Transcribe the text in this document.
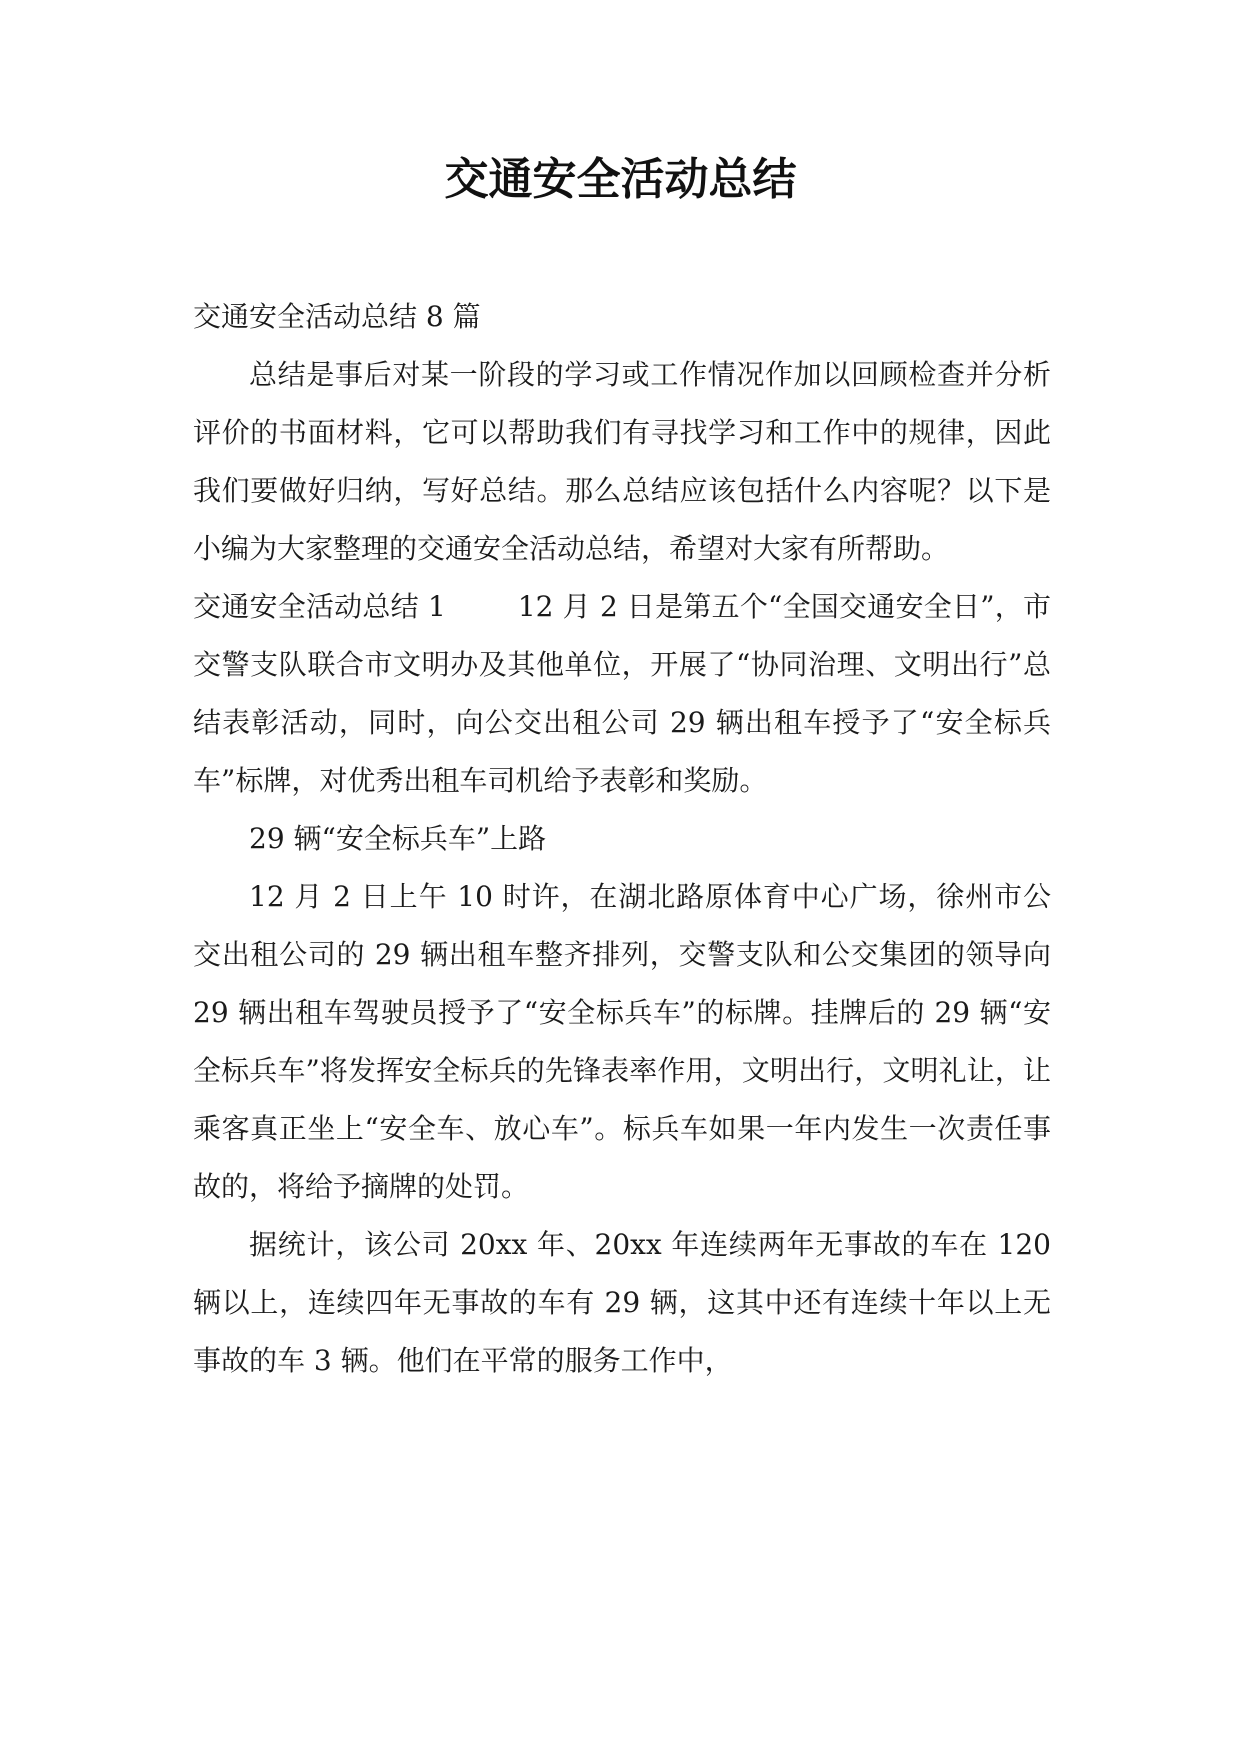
交通安全活动总结

交通安全活动总结 8 篇

总结是事后对某一阶段的学习或工作情况作加以回顾检查并分析评价的书面材料，它可以帮助我们有寻找学习和工作中的规律，因此我们要做好归纳，写好总结。那么总结应该包括什么内容呢？以下是小编为大家整理的交通安全活动总结，希望对大家有所帮助。

交通安全活动总结 1	12 月 2 日是第五个“全国交通安全日”，市交警支队联合市文明办及其他单位，开展了“协同治理、文明出行”总结表彰活动，同时，向公交出租公司 29 辆出租车授予了“安全标兵车”标牌，对优秀出租车司机给予表彰和奖励。

29 辆“安全标兵车”上路

12 月 2 日上午 10 时许，在湖北路原体育中心广场，徐州市公交出租公司的 29 辆出租车整齐排列，交警支队和公交集团的领导向 29 辆出租车驾驶员授予了“安全标兵车”的标牌。挂牌后的 29 辆“安全标兵车”将发挥安全标兵的先锋表率作用，文明出行，文明礼让，让乘客真正坐上“安全车、放心车”。标兵车如果一年内发生一次责任事故的，将给予摘牌的处罚。

据统计，该公司 20xx 年、20xx 年连续两年无事故的车在 120 辆以上，连续四年无事故的车有 29 辆，这其中还有连续十年以上无事故的车 3 辆。他们在平常的服务工作中，
